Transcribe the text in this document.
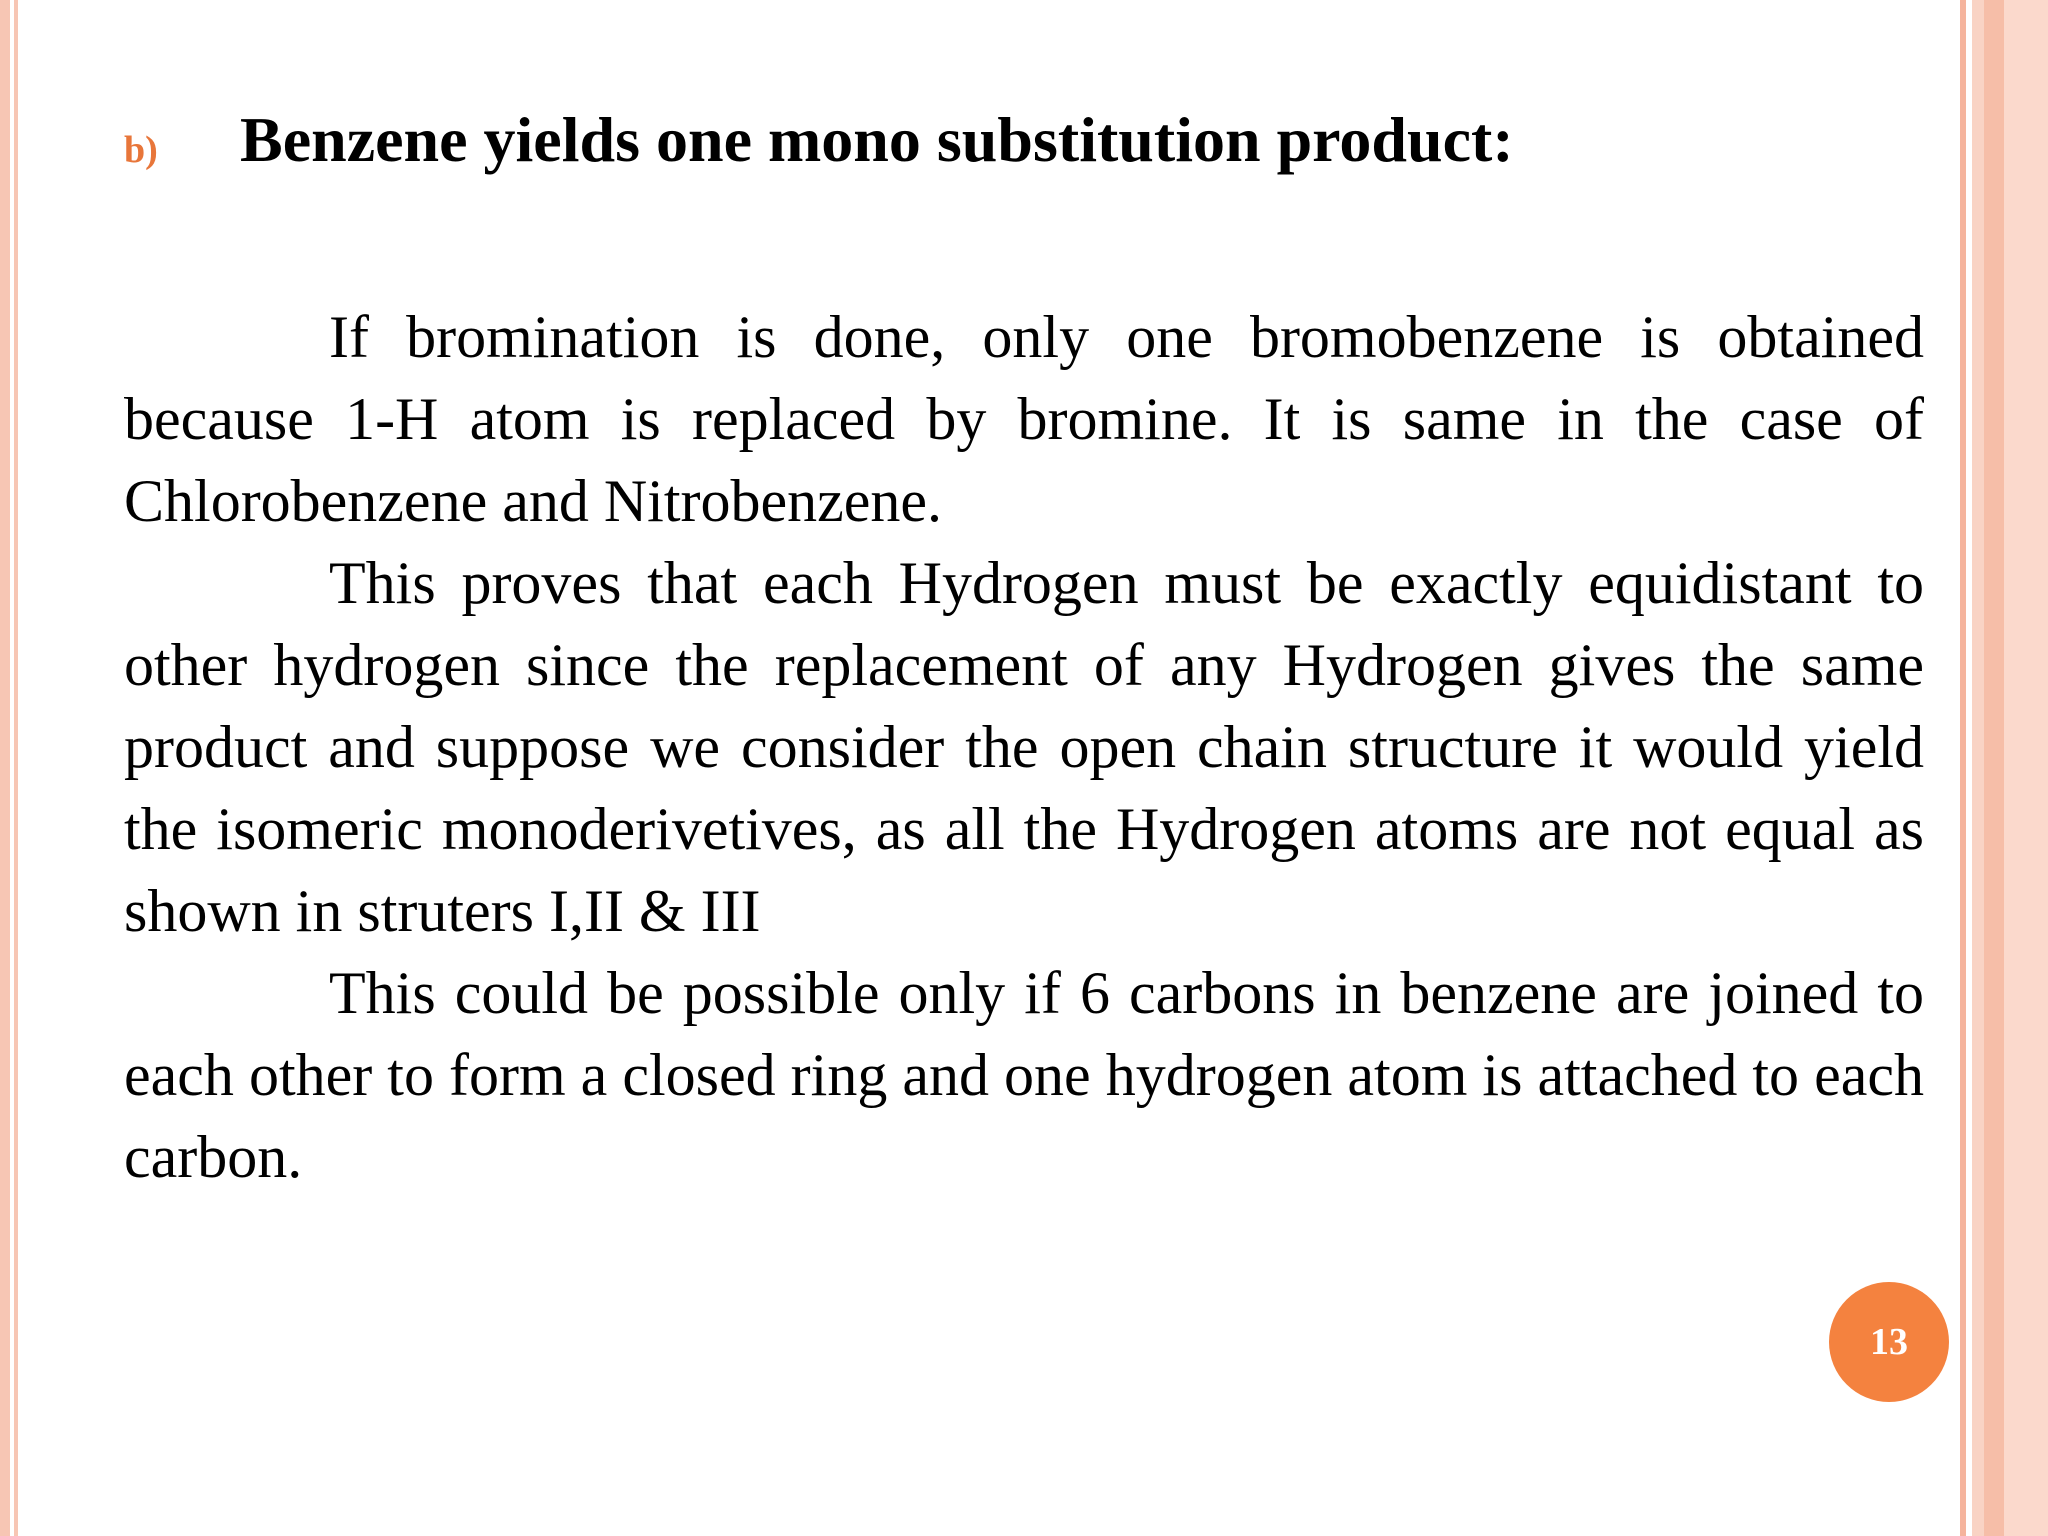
b) Benzene yields one mono substitution product:

If bromination is done, only one bromobenzene is obtained because 1-H atom is replaced by bromine. It is same in the case of Chlorobenzene and Nitrobenzene.

This proves that each Hydrogen must be exactly equidistant to other hydrogen since the replacement of any Hydrogen gives the same product and suppose we consider the open chain structure it would yield the isomeric monoderivetives, as all the Hydrogen atoms are not equal as shown in struters I,II & III

This could be possible only if 6 carbons in benzene are joined to each other to form a closed ring and one hydrogen atom is attached to each carbon.

13
